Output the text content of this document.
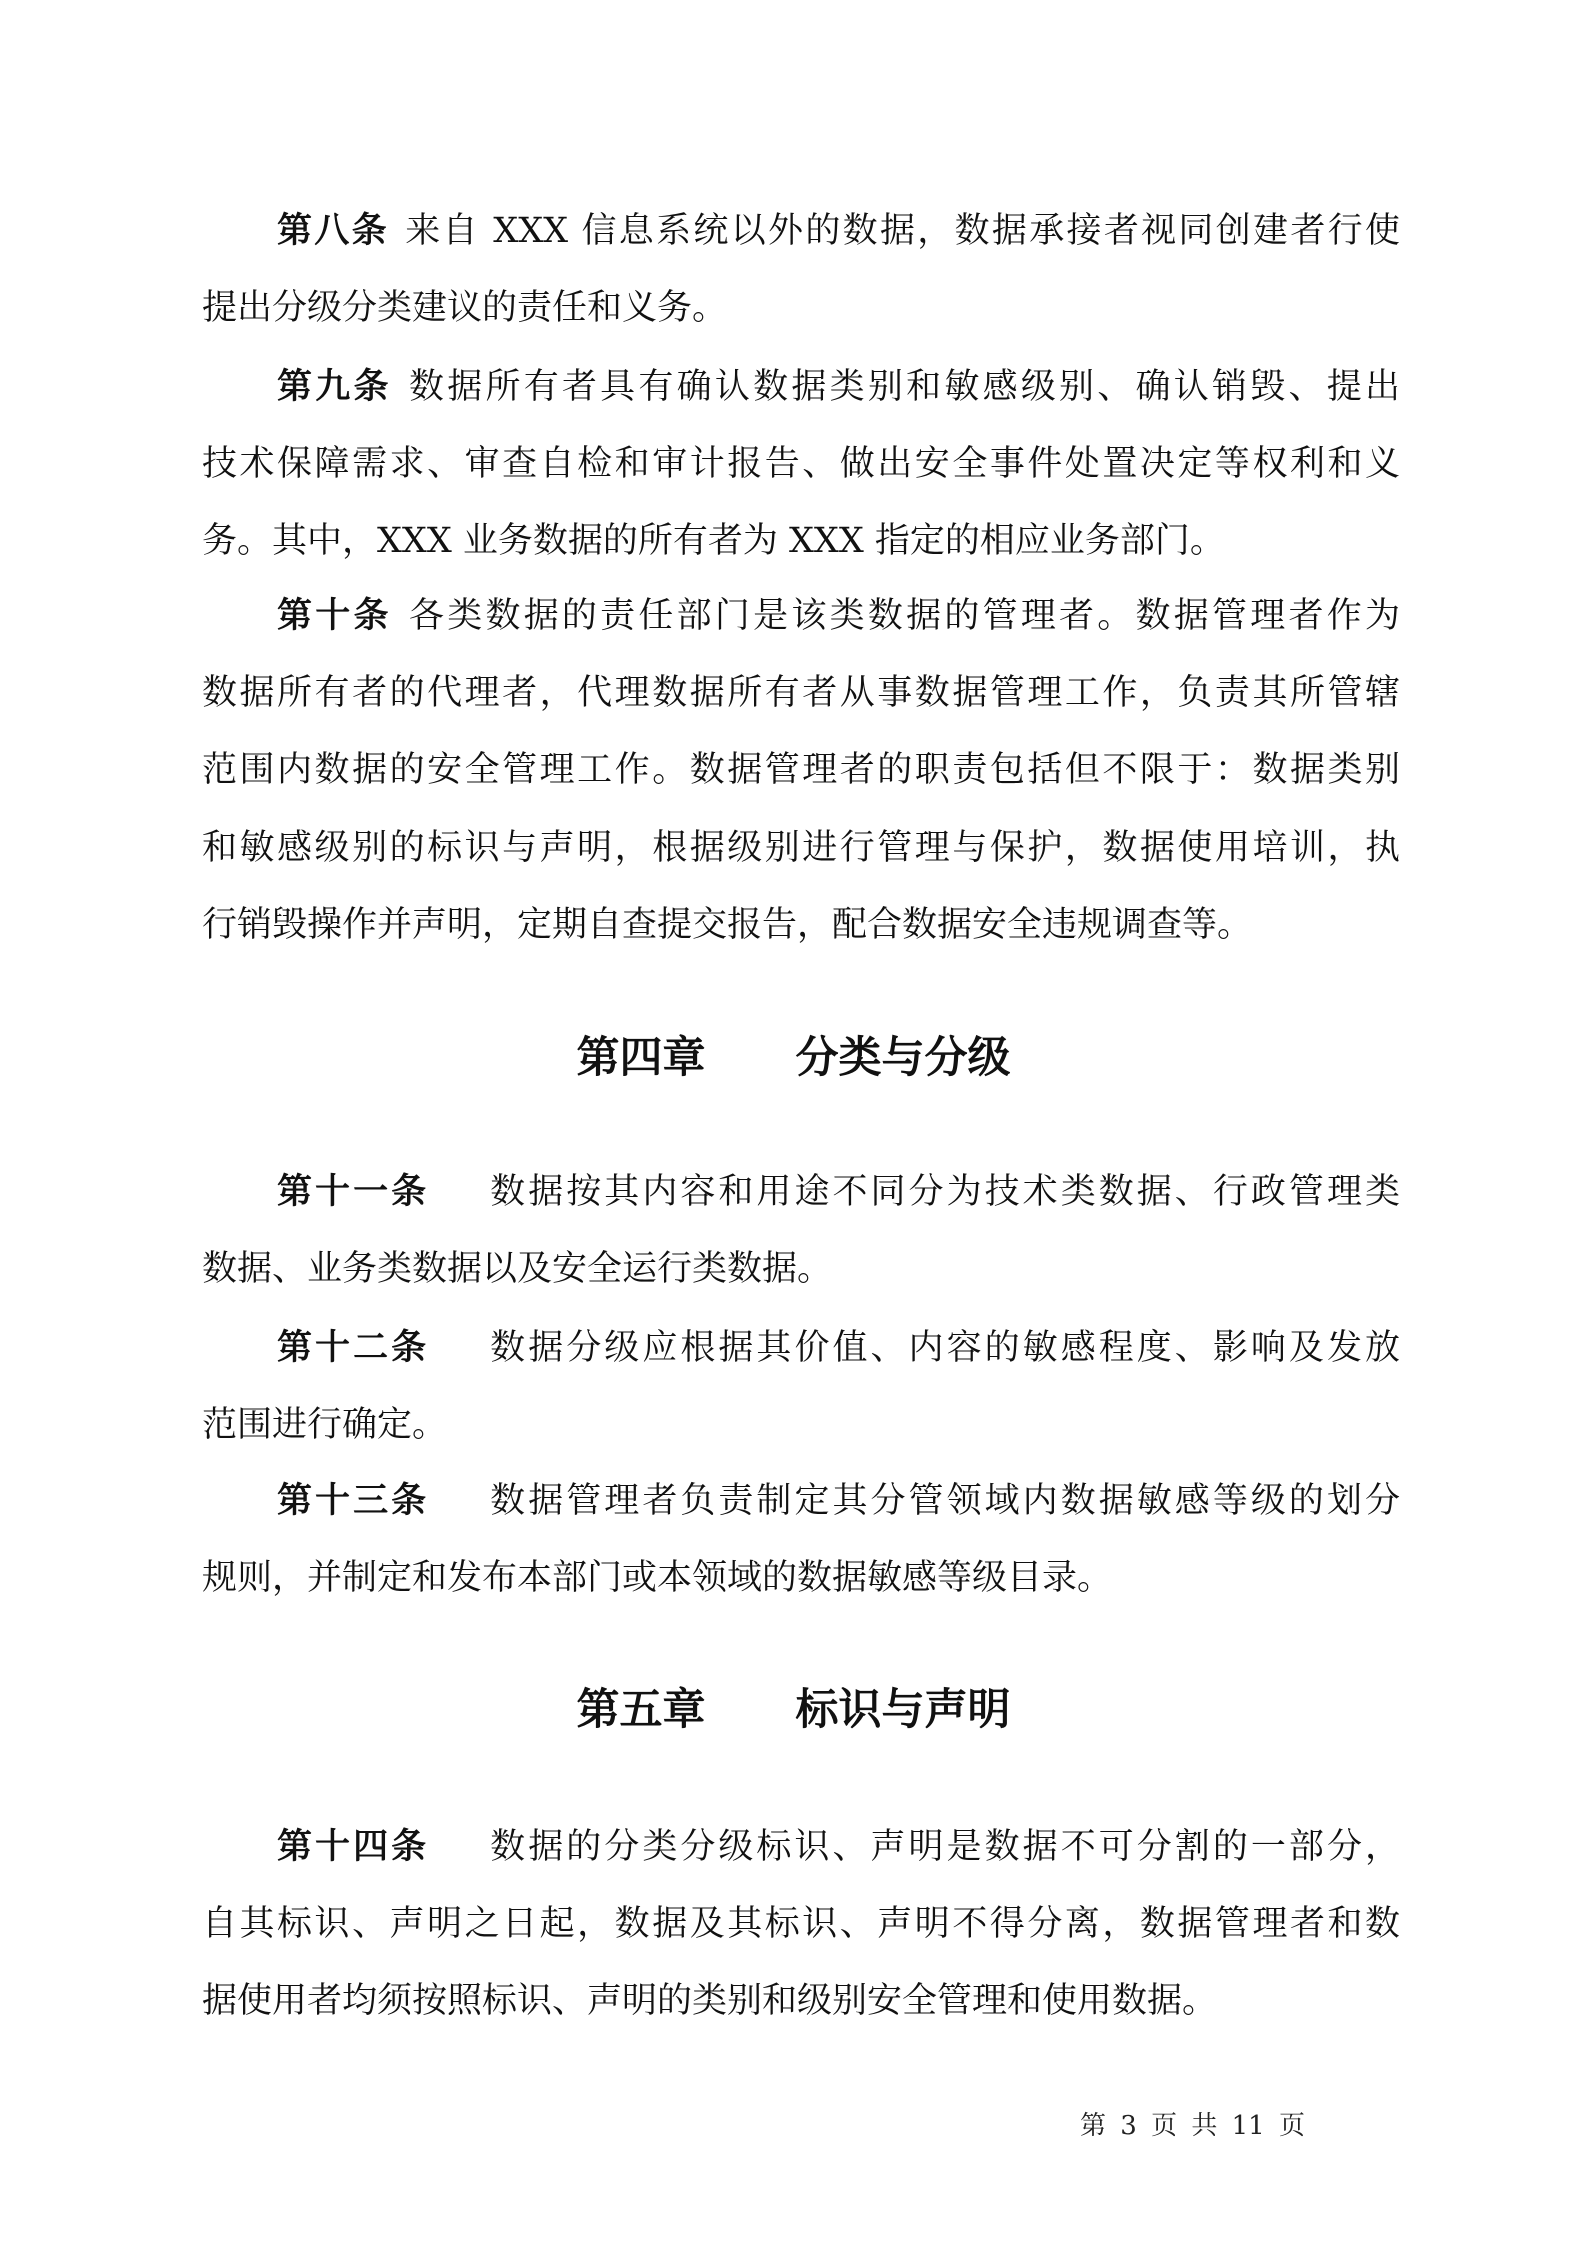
第八条 来自 XXX 信息系统以外的数据，数据承接者视同创建者行使
提出分级分类建议的责任和义务。
第九条 数据所有者具有确认数据类别和敏感级别、确认销毁、提出
技术保障需求、审查自检和审计报告、做出安全事件处置决定等权利和义
务。其中，XXX 业务数据的所有者为 XXX 指定的相应业务部门。
第十条 各类数据的责任部门是该类数据的管理者。数据管理者作为
数据所有者的代理者，代理数据所有者从事数据管理工作，负责其所管辖
范围内数据的安全管理工作。数据管理者的职责包括但不限于：数据类别
和敏感级别的标识与声明，根据级别进行管理与保护，数据使用培训，执
行销毁操作并声明，定期自查提交报告，配合数据安全违规调查等。
第四章 分类与分级
第十一条 数据按其内容和用途不同分为技术类数据、行政管理类
数据、业务类数据以及安全运行类数据。
第十二条 数据分级应根据其价值、内容的敏感程度、影响及发放
范围进行确定。
第十三条 数据管理者负责制定其分管领域内数据敏感等级的划分
规则，并制定和发布本部门或本领域的数据敏感等级目录。
第五章 标识与声明
第十四条 数据的分类分级标识、声明是数据不可分割的一部分，
自其标识、声明之日起，数据及其标识、声明不得分离，数据管理者和数
据使用者均须按照标识、声明的类别和级别安全管理和使用数据。
第 3 页 共 11 页
